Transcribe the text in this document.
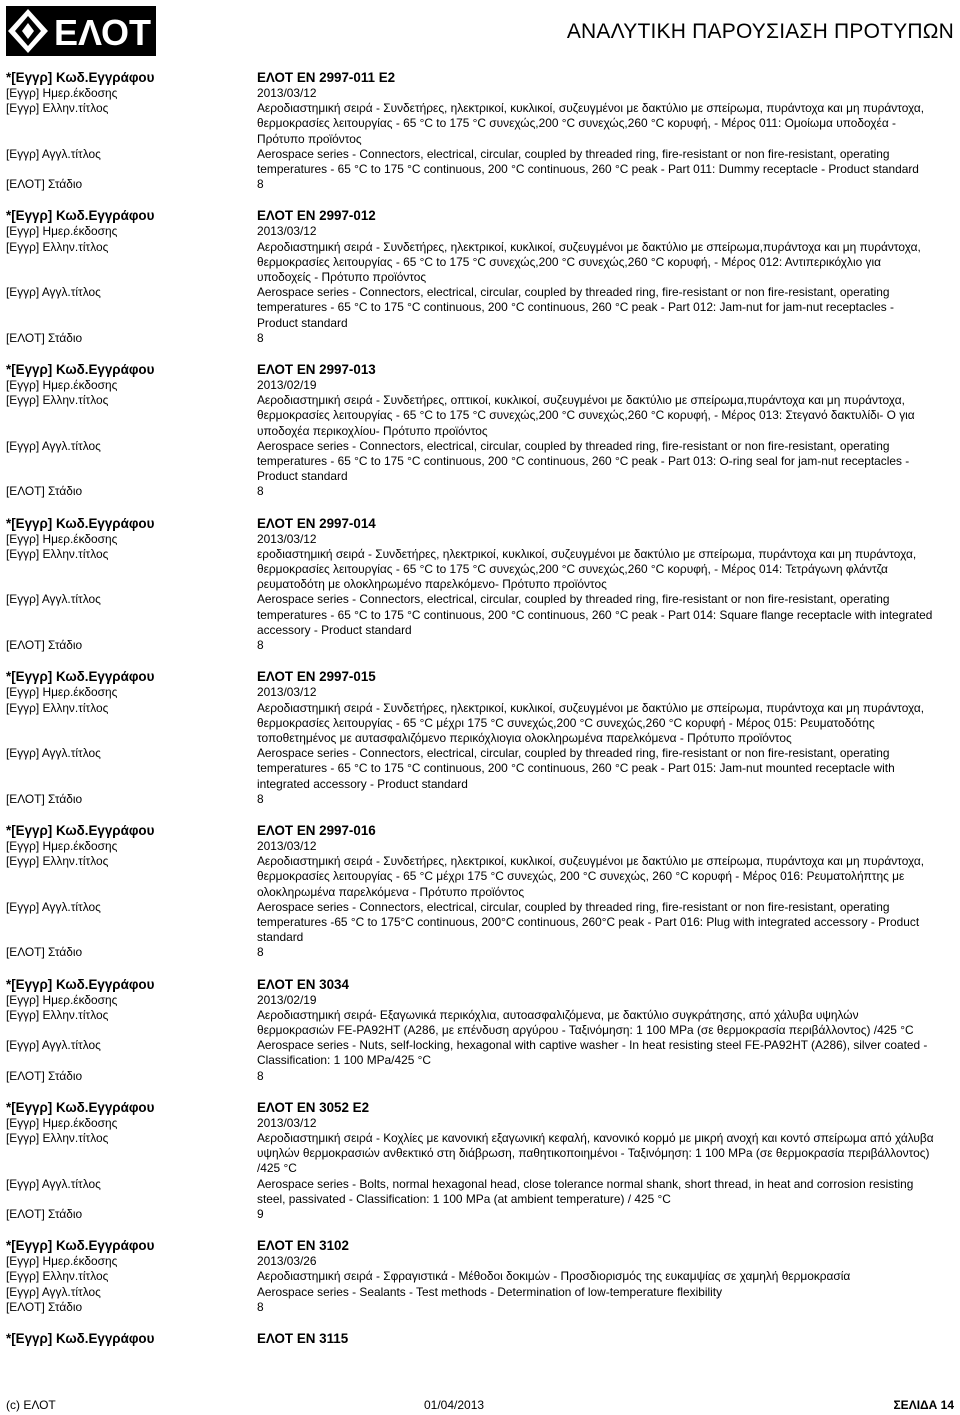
ΕΛΟΤ	ΑΝΑΛΥΤΙΚΗ ΠΑΡΟΥΣΙΑΣΗ ΠΡΟΤΥΠΩΝ
*[Εγγρ] Κωδ.Εγγράφου	ΕΛΟΤ EN 2997-011 E2
[Εγγρ] Ημερ.έκδοσης	2013/03/12
[Εγγρ] Ελλην.τίτλος	Αεροδιαστημική σειρά - Συνδετήρες, ηλεκτρικοί, κυκλικοί, συζευγμένοι με δακτύλιο με σπείρωμα, πυράντοχα και μη πυράντοχα, θερμοκρασίες λειτουργίας - 65 °C to 175 °C συνεχώς,200 °C συνεχώς,260 °C κορυφή, - Μέρος 011: Ομοίωμα υποδοχέα - Πρότυπο προϊόντος
[Εγγρ] Αγγλ.τίτλος	Aerospace series - Connectors, electrical, circular, coupled by threaded ring, fire-resistant or non fire-resistant, operating temperatures - 65 °C to 175 °C continuous, 200 °C continuous, 260 °C peak - Part 011: Dummy receptacle - Product standard
[ΕΛΟΤ] Στάδιο	8
*[Εγγρ] Κωδ.Εγγράφου	ΕΛΟΤ EN 2997-012
[Εγγρ] Ημερ.έκδοσης	2013/03/12
[Εγγρ] Ελλην.τίτλος	Αεροδιαστημική σειρά - Συνδετήρες, ηλεκτρικοί, κυκλικοί, συζευγμένοι με δακτύλιο με σπείρωμα,πυράντοχα και μη πυράντοχα, θερμοκρασίες λειτουργίας - 65 °C to 175 °C συνεχώς,200 °C συνεχώς,260 °C κορυφή, - Μέρος 012: Αντιπερικόχλιο για υποδοχείς - Πρότυπο προϊόντος
[Εγγρ] Αγγλ.τίτλος	Aerospace series - Connectors, electrical, circular, coupled by threaded ring, fire-resistant or non fire-resistant, operating temperatures - 65 °C to 175 °C continuous, 200 °C continuous, 260 °C peak - Part 012: Jam-nut for jam-nut receptacles - Product standard
[ΕΛΟΤ] Στάδιο	8
*[Εγγρ] Κωδ.Εγγράφου	ΕΛΟΤ EN 2997-013
[Εγγρ] Ημερ.έκδοσης	2013/02/19
[Εγγρ] Ελλην.τίτλος	Αεροδιαστημική σειρά - Συνδετήρες, οπτικοί, κυκλικοί, συζευγμένοι με δακτύλιο με σπείρωμα,πυράντοχα και μη πυράντοχα, θερμοκρασίες λειτουργίας - 65 °C to 175 °C συνεχώς,200 °C συνεχώς,260 °C κορυφή, - Μέρος 013: Στεγανό δακτυλίδι- O για υποδοχέα περικοχλίου- Πρότυπο προϊόντος
[Εγγρ] Αγγλ.τίτλος	Aerospace series - Connectors, electrical, circular, coupled by threaded ring, fire-resistant or non fire-resistant, operating temperatures - 65 °C to 175 °C continuous, 200 °C continuous, 260 °C peak - Part 013: O-ring seal for jam-nut receptacles - Product standard
[ΕΛΟΤ] Στάδιο	8
*[Εγγρ] Κωδ.Εγγράφου	ΕΛΟΤ EN 2997-014
[Εγγρ] Ημερ.έκδοσης	2013/03/12
[Εγγρ] Ελλην.τίτλος	εροδιαστημική σειρά - Συνδετήρες, ηλεκτρικοί, κυκλικοί, συζευγμένοι με δακτύλιο με σπείρωμα, πυράντοχα και μη πυράντοχα, θερμοκρασίες λειτουργίας - 65 °C to 175 °C συνεχώς,200 °C συνεχώς,260 °C κορυφή, - Μέρος 014: Τετράγωνη φλάντζα ρευματοδότη με ολοκληρωμένο παρελκόμενο- Πρότυπο προϊόντος
[Εγγρ] Αγγλ.τίτλος	Aerospace series - Connectors, electrical, circular, coupled by threaded ring, fire-resistant or non fire-resistant, operating temperatures - 65 °C to 175 °C continuous, 200 °C continuous, 260 °C peak - Part 014: Square flange receptacle with integrated accessory - Product standard
[ΕΛΟΤ] Στάδιο	8
*[Εγγρ] Κωδ.Εγγράφου	ΕΛΟΤ EN 2997-015
[Εγγρ] Ημερ.έκδοσης	2013/03/12
[Εγγρ] Ελλην.τίτλος	Αεροδιαστημική σειρά - Συνδετήρες, ηλεκτρικοί, κυκλικοί, συζευγμένοι με δακτύλιο με σπείρωμα, πυράντοχα και μη πυράντοχα, θερμοκρασίες λειτουργίας - 65 °C μέχρι 175 °C συνεχώς,200 °C συνεχώς,260 °C κορυφή - Μέρος 015: Ρευματοδότης τοποθετημένος με αυτασφαλιζόμενο περικόχλιογια ολοκληρωμένα παρελκόμενα - Πρότυπο προϊόντος
[Εγγρ] Αγγλ.τίτλος	Aerospace series - Connectors, electrical, circular, coupled by threaded ring, fire-resistant or non fire-resistant, operating temperatures - 65 °C to 175 °C continuous, 200 °C continuous, 260 °C peak - Part 015: Jam-nut mounted receptacle with integrated accessory - Product standard
[ΕΛΟΤ] Στάδιο	8
*[Εγγρ] Κωδ.Εγγράφου	ΕΛΟΤ EN 2997-016
[Εγγρ] Ημερ.έκδοσης	2013/03/12
[Εγγρ] Ελλην.τίτλος	Αεροδιαστημική σειρά - Συνδετήρες, ηλεκτρικοί, κυκλικοί, συζευγμένοι με δακτύλιο με σπείρωμα, πυράντοχα και μη πυράντοχα, θερμοκρασίες λειτουργίας - 65 °C μέχρι 175 °C συνεχώς, 200 °C συνεχώς, 260 °C κορυφή - Μέρος 016: Ρευματολήπτης με ολοκληρωμένα παρελκόμενα - Πρότυπο προϊόντος
[Εγγρ] Αγγλ.τίτλος	Aerospace series - Connectors, electrical, circular, coupled by threaded ring, fire-resistant or non fire-resistant, operating temperatures -65 °C to 175°C continuous, 200°C continuous, 260°C peak - Part 016: Plug with integrated accessory - Product standard
[ΕΛΟΤ] Στάδιο	8
*[Εγγρ] Κωδ.Εγγράφου	ΕΛΟΤ EN 3034
[Εγγρ] Ημερ.έκδοσης	2013/02/19
[Εγγρ] Ελλην.τίτλος	Αεροδιαστημική σειρά- Εξαγωνικά περικόχλια, αυτοασφαλιζόμενα, με δακτύλιο συγκράτησης, από χάλυβα υψηλών θερμοκρασιών FE-PA92HT (A286, με επένδυση αργύρου - Ταξινόμηση: 1 100 MPa (σε θερμοκρασία περιβάλλοντος) /425 °C
[Εγγρ] Αγγλ.τίτλος	Aerospace series - Nuts, self-locking, hexagonal with captive washer - In heat resisting steel FE-PA92HT (A286), silver coated - Classification: 1 100 MPa/425 °C
[ΕΛΟΤ] Στάδιο	8
*[Εγγρ] Κωδ.Εγγράφου	ΕΛΟΤ EN 3052 E2
[Εγγρ] Ημερ.έκδοσης	2013/03/12
[Εγγρ] Ελλην.τίτλος	Αεροδιαστημική σειρά - Κοχλίες με κανονική εξαγωνική κεφαλή, κανονικό κορμό με μικρή ανοχή και κοντό σπείρωμα από χάλυβα υψηλών θερμοκρασιών ανθεκτικό στη διάβρωση, παθητικοποιημένοι - Ταξινόμηση: 1 100 MPa (σε θερμοκρασία περιβάλλοντος) /425 °C
[Εγγρ] Αγγλ.τίτλος	Aerospace series - Bolts, normal hexagonal head, close tolerance normal shank, short thread, in heat and corrosion resisting steel, passivated - Classification: 1 100 MPa (at ambient temperature) / 425 °C
[ΕΛΟΤ] Στάδιο	9
*[Εγγρ] Κωδ.Εγγράφου	ΕΛΟΤ EN 3102
[Εγγρ] Ημερ.έκδοσης	2013/03/26
[Εγγρ] Ελλην.τίτλος	Αεροδιαστημική σειρά - Σφραγιστικά - Μέθοδοι δοκιμών - Προσδιορισμός της ευκαμψίας σε χαμηλή θερμοκρασία
[Εγγρ] Αγγλ.τίτλος	Aerospace series - Sealants - Test methods - Determination of low-temperature flexibility
[ΕΛΟΤ] Στάδιο	8
*[Εγγρ] Κωδ.Εγγράφου	ΕΛΟΤ EN 3115
(c) ΕΛΟΤ	01/04/2013	ΣΕΛΙΔΑ 14
